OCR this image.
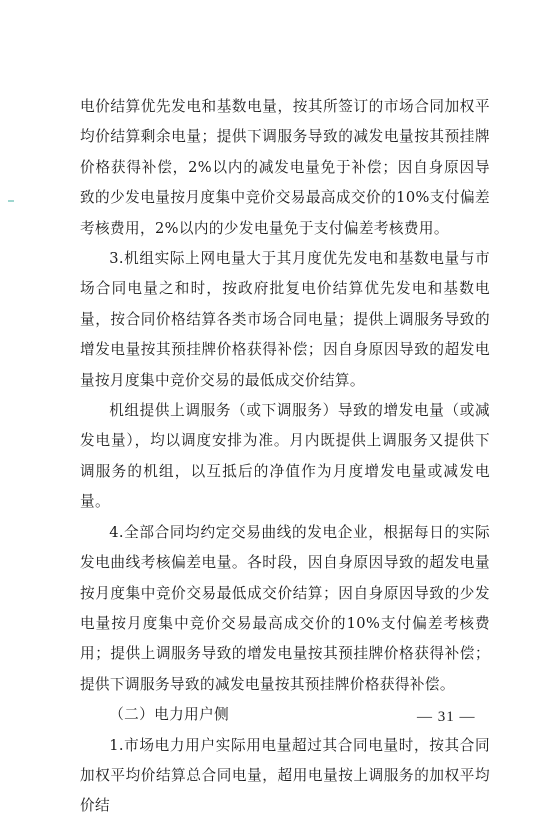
电价结算优先发电和基数电量，按其所签订的市场合同加权平均价结算剩余电量；提供下调服务导致的减发电量按其预挂牌价格获得补偿，2%以内的减发电量免于补偿；因自身原因导致的少发电量按月度集中竞价交易最高成交价的10%支付偏差考核费用，2%以内的少发电量免于支付偏差考核费用。

3.机组实际上网电量大于其月度优先发电和基数电量与市场合同电量之和时，按政府批复电价结算优先发电和基数电量，按合同价格结算各类市场合同电量；提供上调服务导致的增发电量按其预挂牌价格获得补偿；因自身原因导致的超发电量按月度集中竞价交易的最低成交价结算。

机组提供上调服务（或下调服务）导致的增发电量（或减发电量），均以调度安排为准。月内既提供上调服务又提供下调服务的机组，以互抵后的净值作为月度增发电量或减发电量。

4.全部合同均约定交易曲线的发电企业，根据每日的实际发电曲线考核偏差电量。各时段，因自身原因导致的超发电量按月度集中竞价交易最低成交价结算；因自身原因导致的少发电量按月度集中竞价交易最高成交价的10%支付偏差考核费用；提供上调服务导致的增发电量按其预挂牌价格获得补偿；提供下调服务导致的减发电量按其预挂牌价格获得补偿。

（二）电力用户侧

1.市场电力用户实际用电量超过其合同电量时，按其合同加权平均价结算总合同电量，超用电量按上调服务的加权平均价结

— 31 —
